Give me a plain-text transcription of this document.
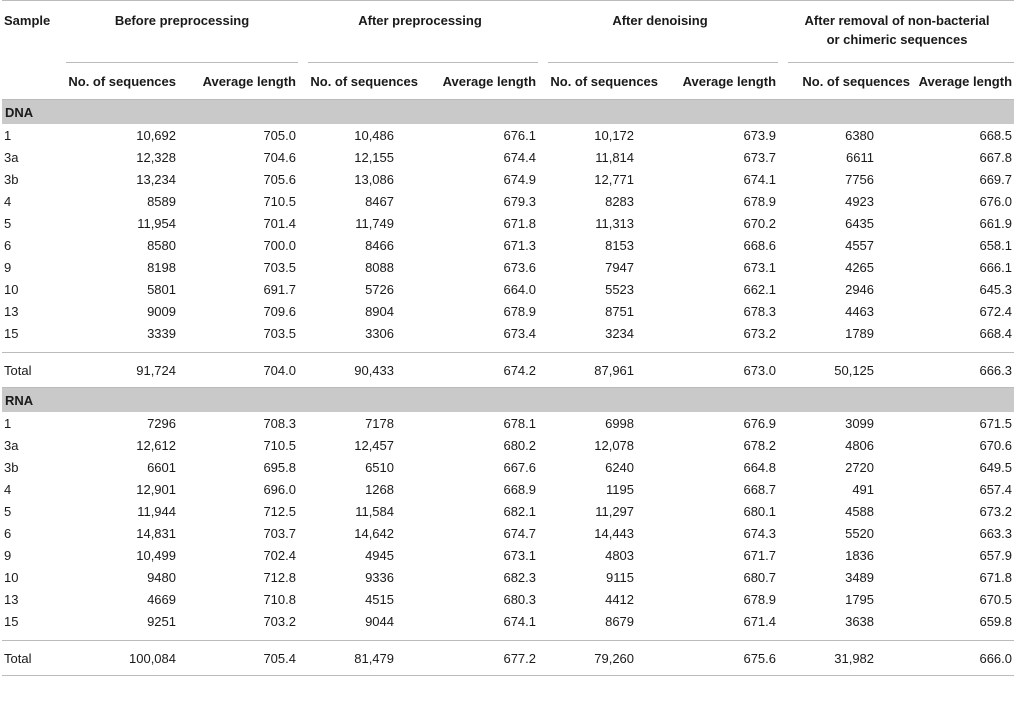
Sample	Before preprocessing		After preprocessing		After denoising		After removal of non-bacterial
or chimeric sequences	

	No. of sequences	Average length	No. of sequences	Average length	No. of sequences	Average length	No. of sequences	Average length
DNA								
1	10,692	705.0	10,486	676.1	10,172	673.9	6380	668.5
3a	12,328	704.6	12,155	674.4	11,814	673.7	6611	667.8
3b	13,234	705.6	13,086	674.9	12,771	674.1	7756	669.7
4	8589	710.5	8467	679.3	8283	678.9	4923	676.0
5	11,954	701.4	11,749	671.8	11,313	670.2	6435	661.9
6	8580	700.0	8466	671.3	8153	668.6	4557	658.1
9	8198	703.5	8088	673.6	7947	673.1	4265	666.1
10	5801	691.7	5726	664.0	5523	662.1	2946	645.3
13	9009	709.6	8904	678.9	8751	678.3	4463	672.4
15	3339	703.5	3306	673.4	3234	673.2	1789	668.4

Total	91,724	704.0	90,433	674.2	87,961	673.0	50,125	666.3
RNA								
1	7296	708.3	7178	678.1	6998	676.9	3099	671.5
3a	12,612	710.5	12,457	680.2	12,078	678.2	4806	670.6
3b	6601	695.8	6510	667.6	6240	664.8	2720	649.5
4	12,901	696.0	1268	668.9	1195	668.7	491	657.4
5	11,944	712.5	11,584	682.1	11,297	680.1	4588	673.2
6	14,831	703.7	14,642	674.7	14,443	674.3	5520	663.3
9	10,499	702.4	4945	673.1	4803	671.7	1836	657.9
10	9480	712.8	9336	682.3	9115	680.7	3489	671.8
13	4669	710.8	4515	680.3	4412	678.9	1795	670.5
15	9251	703.2	9044	674.1	8679	671.4	3638	659.8

Total	100,084	705.4	81,479	677.2	79,260	675.6	31,982	666.0
